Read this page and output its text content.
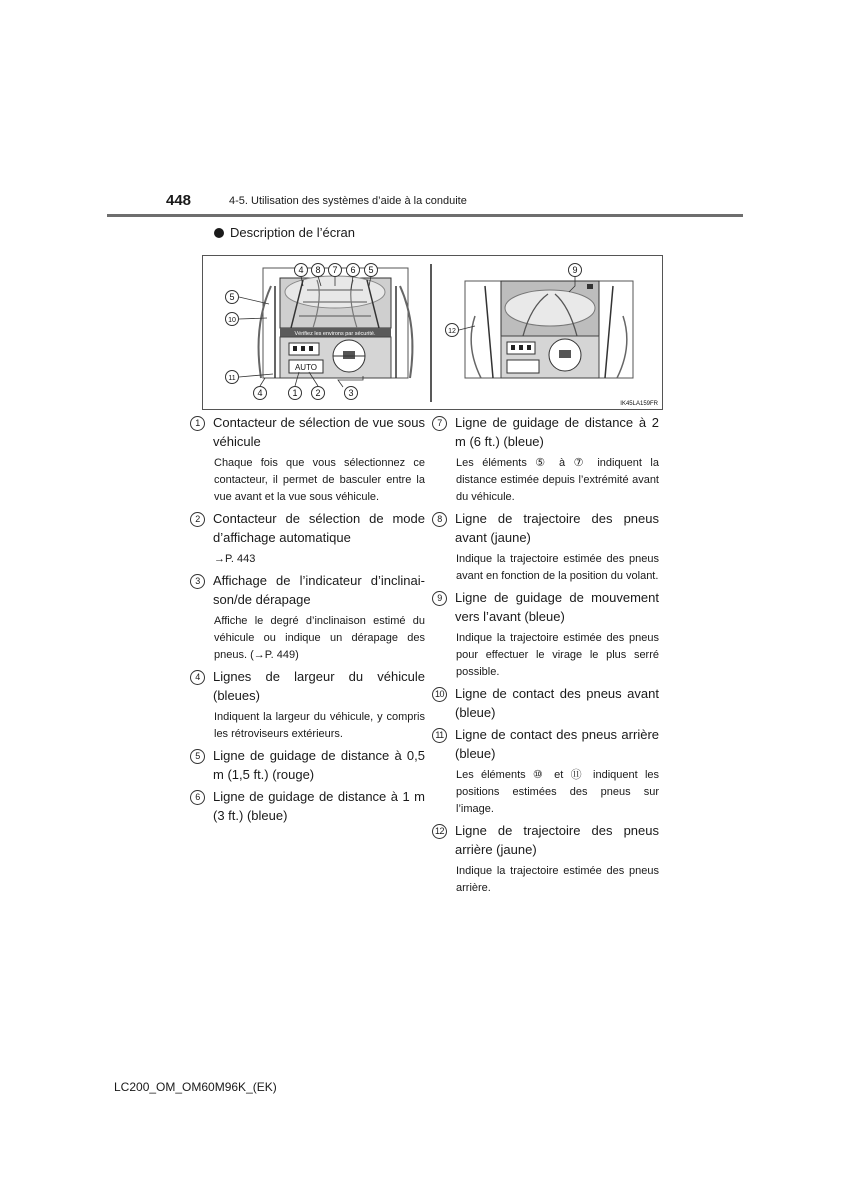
448	4-5. Utilisation des systèmes d’aide à la conduite
Description de l’écran
Vérifiez les environs par sécurité.
AUTO
4 8 7 6 5
5
10
11
4	1 2	3
9
12
IK45LA159FR
1	Contacteur de sélection de vue sous véhicule
Chaque fois que vous sélectionnez ce contacteur, il permet de basculer entre la vue avant et la vue sous véhicule.
2	Contacteur de sélection de mode d’affichage automatique
→P. 443
3	Affichage de l’indicateur d’inclinai-son/de dérapage
Affiche le degré d’inclinaison estimé du véhicule ou indique un dérapage des pneus. (→P. 449)
4	Lignes de largeur du véhicule (bleues)
Indiquent la largeur du véhicule, y compris les rétroviseurs extérieurs.
5	Ligne de guidage de distance à 0,5 m (1,5 ft.) (rouge)
6	Ligne de guidage de distance à 1 m (3 ft.) (bleue)
7	Ligne de guidage de distance à 2 m (6 ft.) (bleue)
Les éléments ⑤ à ⑦ indiquent la distance estimée depuis l’extrémité avant du véhicule.
8	Ligne de trajectoire des pneus avant (jaune)
Indique la trajectoire estimée des pneus avant en fonction de la position du volant.
9	Ligne de guidage de mouvement vers l’avant (bleue)
Indique la trajectoire estimée des pneus pour effectuer le virage le plus serré possible.
10 Ligne de contact des pneus avant (bleue)
11 Ligne de contact des pneus arrière (bleue)
Les éléments ⑩ et ⑪ indiquent les positions estimées des pneus sur l’image.
12 Ligne de trajectoire des pneus arrière (jaune)
Indique la trajectoire estimée des pneus arrière.
LC200_OM_OM60M96K_(EK)
